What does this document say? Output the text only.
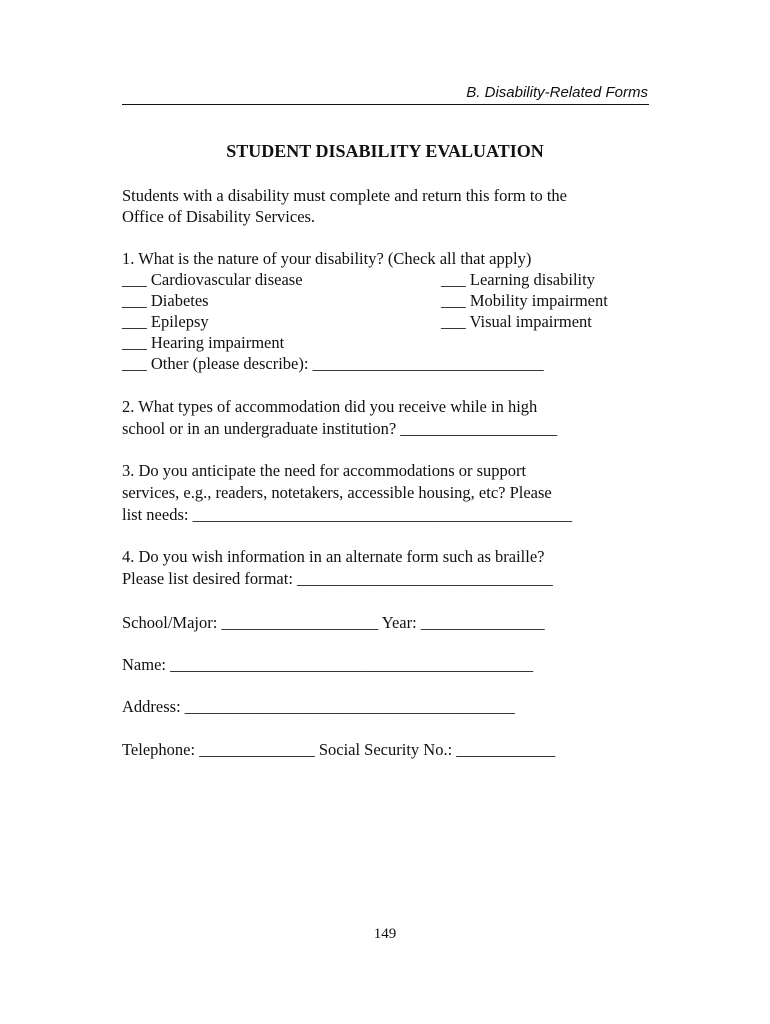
B. Disability-Related Forms
STUDENT DISABILITY EVALUATION
Students with a disability must complete and return this form to the
Office of Disability Services.
1. What is the nature of your disability? (Check all that apply)
___ Cardiovascular disease
___ Diabetes
___ Epilepsy
___ Hearing impairment
___ Other (please describe): ____________________________
___ Learning disability
___ Mobility impairment
___ Visual impairment
2. What types of accommodation did you receive while in high
school or in an undergraduate institution? ___________________
3. Do you anticipate the need for accommodations or support
services, e.g., readers, notetakers, accessible housing, etc? Please
list needs: ______________________________________________
4. Do you wish information in an alternate form such as braille?
Please list desired format: _______________________________
School/Major: ___________________ Year: _______________
Name: ____________________________________________
Address: ________________________________________
Telephone: ______________ Social Security No.: ____________
149
